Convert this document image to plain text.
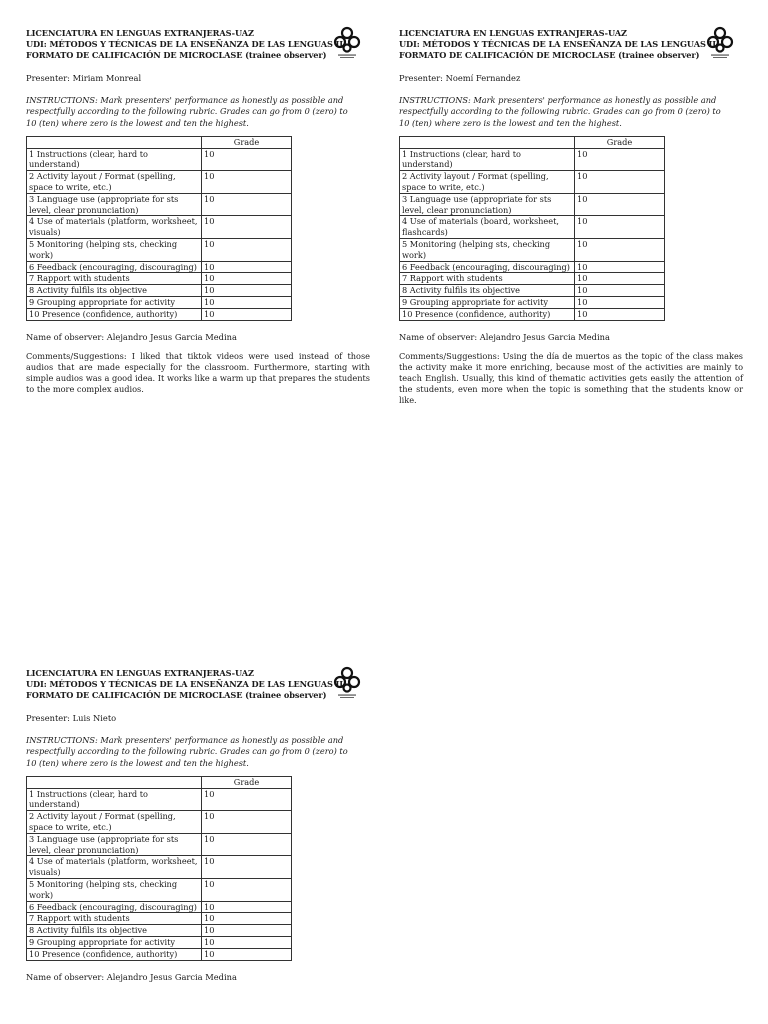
LICENCIATURA EN LENGUAS EXTRANJERAS-UAZ
UDI: MÉTODOS Y TÉCNICAS DE LA ENSEÑANZA DE LAS LENGUAS II
FORMATO DE CALIFICACIÓN DE MICROCLASE (trainee observer)
Presenter: Miriam Monreal
INSTRUCTIONS: Mark presenters' performance as honestly as possible and respectfully according to the following rubric. Grades can go from 0 (zero) to 10 (ten) where zero is the lowest and ten the highest.
	Grade
1 Instructions (clear, hard to understand)	10
2 Activity layout / Format (spelling, space to write, etc.)	10
3 Language use (appropriate for sts level, clear pronunciation)	10
4 Use of materials (platform, worksheet, visuals)	10
5 Monitoring (helping sts, checking work)	10
6 Feedback (encouraging, discouraging)	10
7 Rapport with students	10
8 Activity fulfils its objective	10
9 Grouping appropriate for activity	10
10 Presence (confidence, authority)	10
Name of observer: Alejandro Jesus Garcia Medina
Comments/Suggestions: I liked that tiktok videos were used instead of those audios that are made especially for the classroom. Furthermore, starting with simple audios was a good idea. It works like a warm up that prepares the students to the more complex audios.
LICENCIATURA EN LENGUAS EXTRANJERAS-UAZ
UDI: MÉTODOS Y TÉCNICAS DE LA ENSEÑANZA DE LAS LENGUAS II
FORMATO DE CALIFICACIÓN DE MICROCLASE (trainee observer)
Presenter: Noemí Fernandez
INSTRUCTIONS: Mark presenters' performance as honestly as possible and respectfully according to the following rubric. Grades can go from 0 (zero) to 10 (ten) where zero is the lowest and ten the highest.
	Grade
1 Instructions (clear, hard to understand)	10
2 Activity layout / Format (spelling, space to write, etc.)	10
3 Language use (appropriate for sts level, clear pronunciation)	10
4 Use of materials (board, worksheet, flashcards)	10
5 Monitoring (helping sts, checking work)	10
6 Feedback (encouraging, discouraging)	10
7 Rapport with students	10
8 Activity fulfils its objective	10
9 Grouping appropriate for activity	10
10 Presence (confidence, authority)	10
Name of observer: Alejandro Jesus Garcia Medina
Comments/Suggestions: Using the día de muertos as the topic of the class makes the activity make it more enriching, because most of the activities are mainly to teach English. Usually, this kind of thematic activities gets easily the attention of the students, even more when the topic is something that the students know or like.
LICENCIATURA EN LENGUAS EXTRANJERAS-UAZ
UDI: MÉTODOS Y TÉCNICAS DE LA ENSEÑANZA DE LAS LENGUAS II
FORMATO DE CALIFICACIÓN DE MICROCLASE (trainee observer)
Presenter: Luis Nieto
INSTRUCTIONS: Mark presenters' performance as honestly as possible and respectfully according to the following rubric. Grades can go from 0 (zero) to 10 (ten) where zero is the lowest and ten the highest.
	Grade
1 Instructions (clear, hard to understand)	10
2 Activity layout / Format (spelling, space to write, etc.)	10
3 Language use (appropriate for sts level, clear pronunciation)	10
4 Use of materials (platform, worksheet, visuals)	10
5 Monitoring (helping sts, checking work)	10
6 Feedback (encouraging, discouraging)	10
7 Rapport with students	10
8 Activity fulfils its objective	10
9 Grouping appropriate for activity	10
10 Presence (confidence, authority)	10
Name of observer: Alejandro Jesus Garcia Medina
